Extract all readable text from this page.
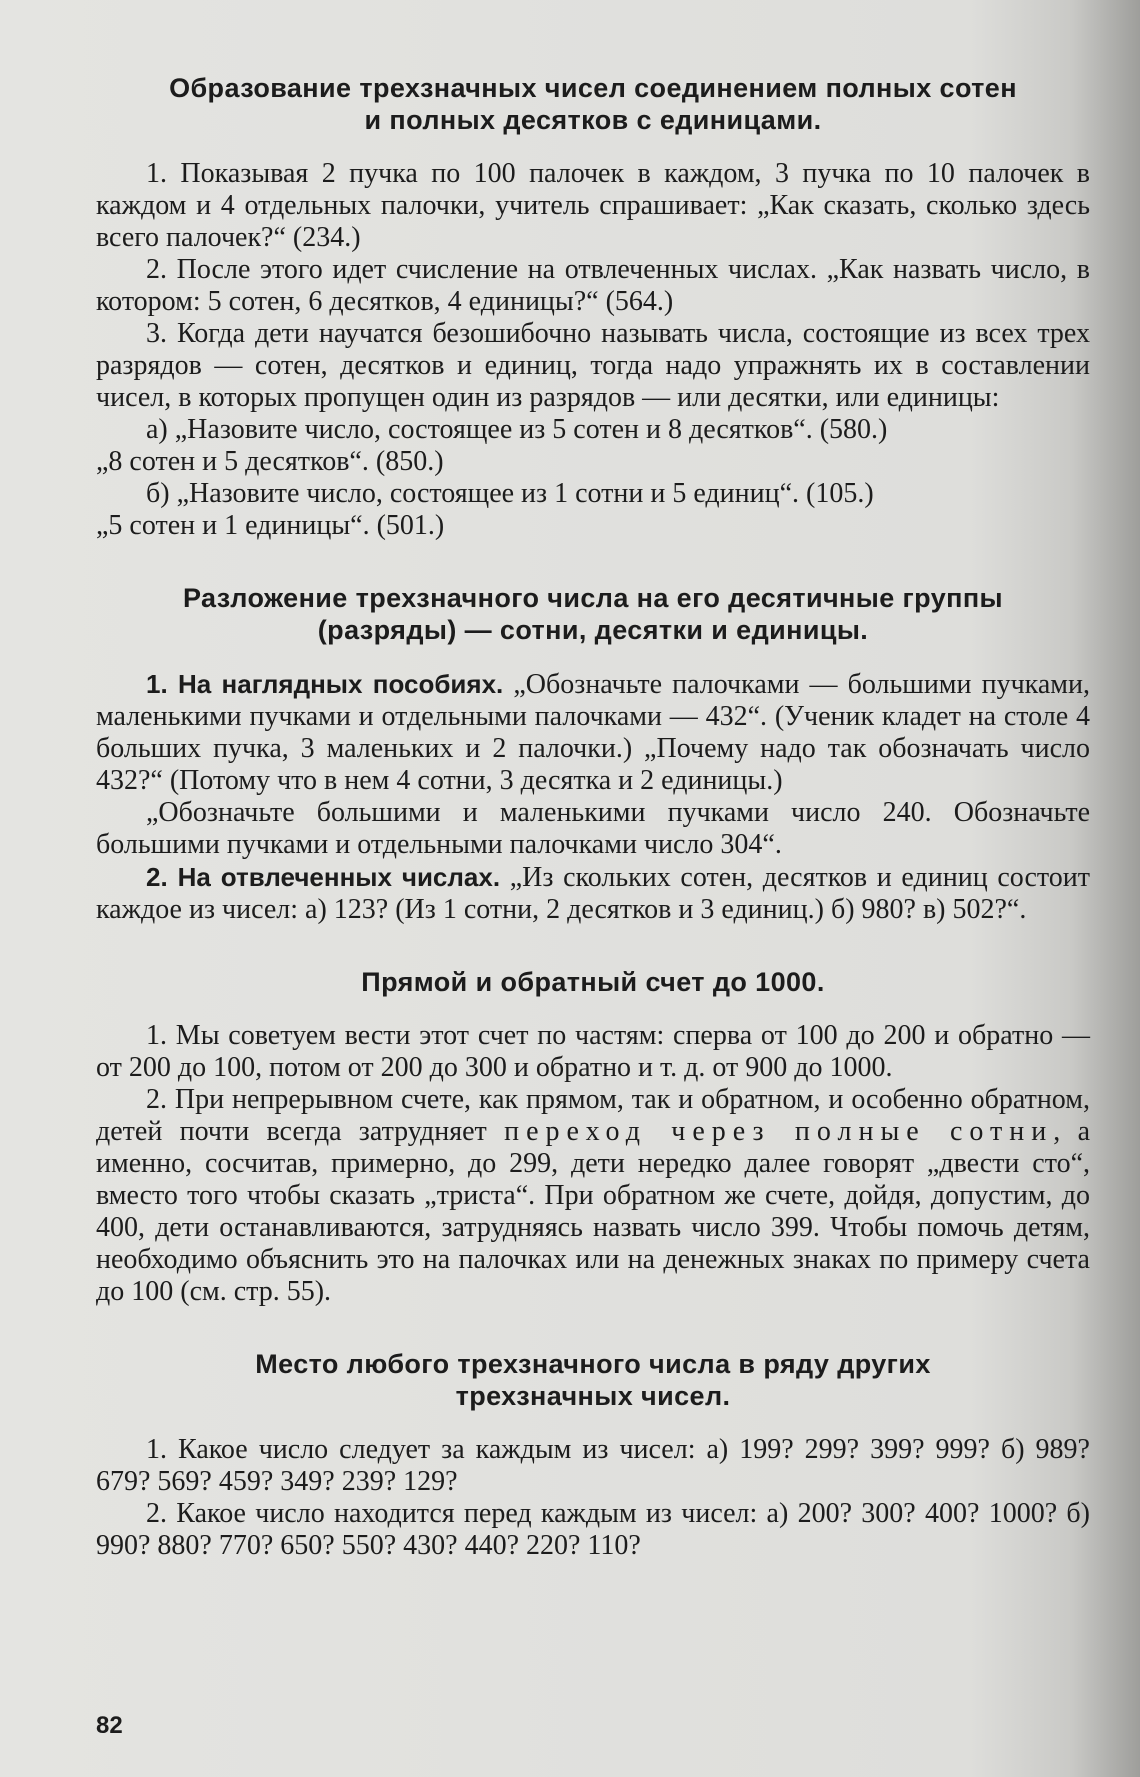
Образование трехзначных чисел соединением полных сотен
и полных десятков с единицами.

1. Показывая 2 пучка по 100 палочек в каждом, 3 пучка по 10 палочек в каждом и 4 отдельных палочки, учитель спрашивает: „Как сказать, сколько здесь всего палочек?“ (234.)

2. После этого идет счисление на отвлеченных числах. „Как назвать число, в котором: 5 сотен, 6 десятков, 4 единицы?“ (564.)

3. Когда дети научатся безошибочно называть числа, состоящие из всех трех разрядов — сотен, десятков и единиц, тогда надо упражнять их в составлении чисел, в которых пропущен один из разрядов — или десятки, или единицы:

а) „Назовите число, состоящее из 5 сотен и 8 десятков“. (580.)

„8 сотен и 5 десятков“. (850.)

б) „Назовите число, состоящее из 1 сотни и 5 единиц“. (105.)

„5 сотен и 1 единицы“. (501.)

Разложение трехзначного числа на его десятичные группы
(разряды) — сотни, десятки и единицы.

1. На наглядных пособиях. „Обозначьте палочками — большими пучками, маленькими пучками и отдельными палочками — 432“. (Ученик кладет на столе 4 больших пучка, 3 маленьких и 2 палочки.) „Почему надо так обозначать число 432?“ (Потому что в нем 4 сотни, 3 десятка и 2 единицы.)

„Обозначьте большими и маленькими пучками число 240. Обозначьте большими пучками и отдельными палочками число 304“.

2. На отвлеченных числах. „Из скольких сотен, десятков и единиц состоит каждое из чисел: а) 123? (Из 1 сотни, 2 десятков и 3 единиц.) б) 980? в) 502?“.

Прямой и обратный счет до 1000.

1. Мы советуем вести этот счет по частям: сперва от 100 до 200 и обратно — от 200 до 100, потом от 200 до 300 и обратно и т. д. от 900 до 1000.

2. При непрерывном счете, как прямом, так и обратном, и особенно обратном, детей почти всегда затрудняет переход через полные сотни, а именно, сосчитав, примерно, до 299, дети нередко далее говорят „двести сто“, вместо того чтобы сказать „триста“. При обратном же счете, дойдя, допустим, до 400, дети останавливаются, затрудняясь назвать число 399. Чтобы помочь детям, необходимо объяснить это на палочках или на денежных знаках по примеру счета до 100 (см. стр. 55).

Место любого трехзначного числа в ряду других
трехзначных чисел.

1. Какое число следует за каждым из чисел: а) 199? 299? 399? 999? б) 989? 679? 569? 459? 349? 239? 129?

2. Какое число находится перед каждым из чисел: а) 200? 300? 400? 1000? б) 990? 880? 770? 650? 550? 430? 440? 220? 110?

82
